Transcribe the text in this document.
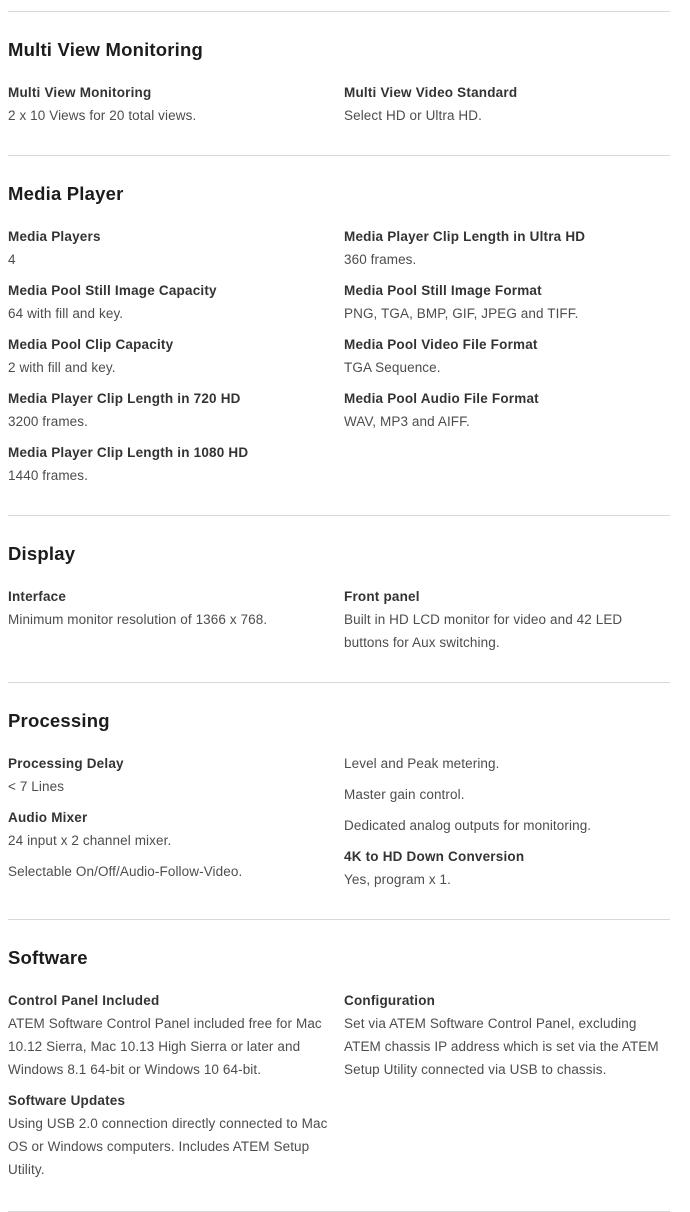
Multi View Monitoring

Multi View Monitoring

2 x 10 Views for 20 total views.

Multi View Video Standard

Select HD or Ultra HD.

Media Player

Media Players

4

Media Pool Still Image Capacity

64 with fill and key.

Media Pool Clip Capacity

2 with fill and key.

Media Player Clip Length in 720 HD

3200 frames.

Media Player Clip Length in 1080 HD

1440 frames.

Media Player Clip Length in Ultra HD

360 frames.

Media Pool Still Image Format

PNG, TGA, BMP, GIF, JPEG and TIFF.

Media Pool Video File Format

TGA Sequence.

Media Pool Audio File Format

WAV, MP3 and AIFF.

Display

Interface

Minimum monitor resolution of 1366 x 768.

Front panel

Built in HD LCD monitor for video and 42 LED buttons for Aux switching.

Processing

Processing Delay

< 7 Lines

Audio Mixer

24 input x 2 channel mixer.

Selectable On/Off/Audio-Follow-Video.

Level and Peak metering.

Master gain control.

Dedicated analog outputs for monitoring.

4K to HD Down Conversion

Yes, program x 1.

Software

Control Panel Included

ATEM Software Control Panel included free for Mac 10.12 Sierra, Mac 10.13 High Sierra or later and Windows 8.1 64-bit or Windows 10 64-bit.

Software Updates

Using USB 2.0 connection directly connected to Mac OS or Windows computers. Includes ATEM Setup Utility.

Configuration

Set via ATEM Software Control Panel, excluding ATEM chassis IP address which is set via the ATEM Setup Utility connected via USB to chassis.
